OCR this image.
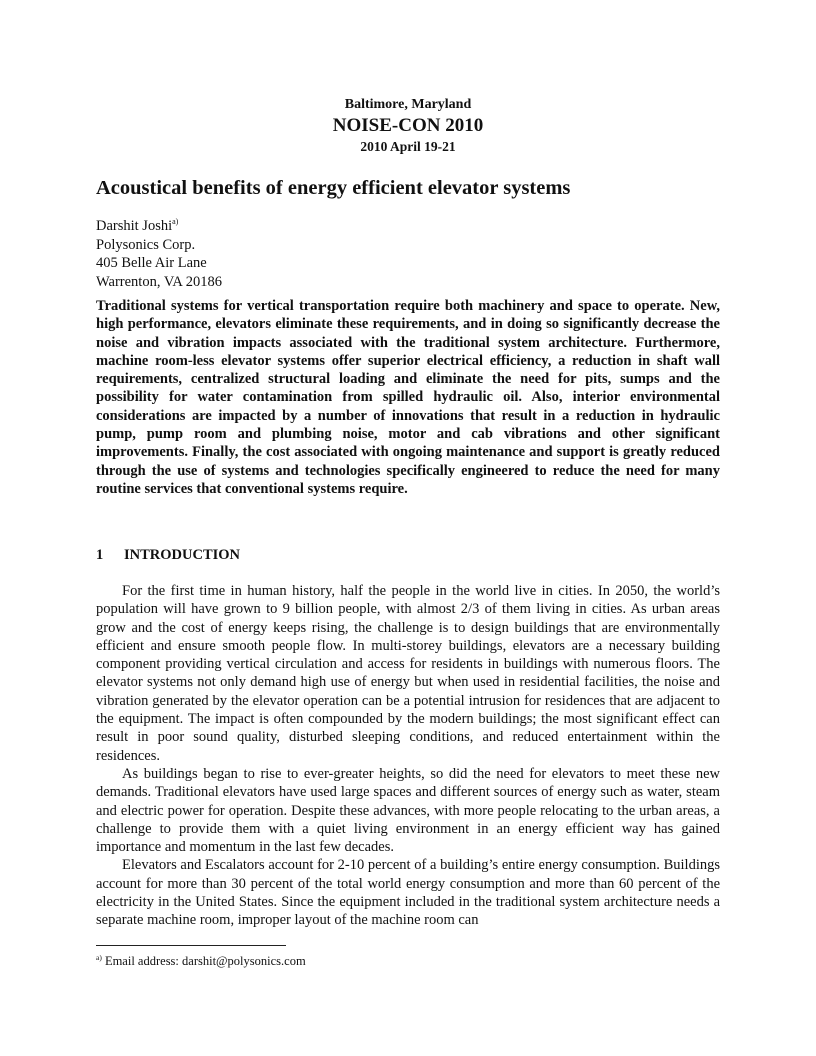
Baltimore, Maryland
NOISE-CON 2010
2010 April 19-21
Acoustical benefits of energy efficient elevator systems
Darshit Joshi$^{a)}$
Polysonics Corp.
405 Belle Air Lane
Warrenton, VA 20186
Traditional systems for vertical transportation require both machinery and space to operate. New, high performance, elevators eliminate these requirements, and in doing so significantly decrease the noise and vibration impacts associated with the traditional system architecture. Furthermore, machine room-less elevator systems offer superior electrical efficiency, a reduction in shaft wall requirements, centralized structural loading and eliminate the need for pits, sumps and the possibility for water contamination from spilled hydraulic oil. Also, interior environmental considerations are impacted by a number of innovations that result in a reduction in hydraulic pump, pump room and plumbing noise, motor and cab vibrations and other significant improvements. Finally, the cost associated with ongoing maintenance and support is greatly reduced through the use of systems and technologies specifically engineered to reduce the need for many routine services that conventional systems require.
1 INTRODUCTION

For the first time in human history, half the people in the world live in cities. In 2050, the world’s population will have grown to 9 billion people, with almost 2/3 of them living in cities. As urban areas grow and the cost of energy keeps rising, the challenge is to design buildings that are environmentally efficient and ensure smooth people flow. In multi-storey buildings, elevators are a necessary building component providing vertical circulation and access for residents in buildings with numerous floors. The elevator systems not only demand high use of energy but when used in residential facilities, the noise and vibration generated by the elevator operation can be a potential intrusion for residences that are adjacent to the equipment. The impact is often compounded by the modern buildings; the most significant effect can result in poor sound quality, disturbed sleeping conditions, and reduced entertainment within the residences.

As buildings began to rise to ever-greater heights, so did the need for elevators to meet these new demands. Traditional elevators have used large spaces and different sources of energy such as water, steam and electric power for operation. Despite these advances, with more people relocating to the urban areas, a challenge to provide them with a quiet living environment in an energy efficient way has gained importance and momentum in the last few decades.

Elevators and Escalators account for 2-10 percent of a building’s entire energy consumption. Buildings account for more than 30 percent of the total world energy consumption and more than 60 percent of the electricity in the United States. Since the equipment included in the traditional system architecture needs a separate machine room, improper layout of the machine room can

$^{a)}$ Email address: darshit@polysonics.com
